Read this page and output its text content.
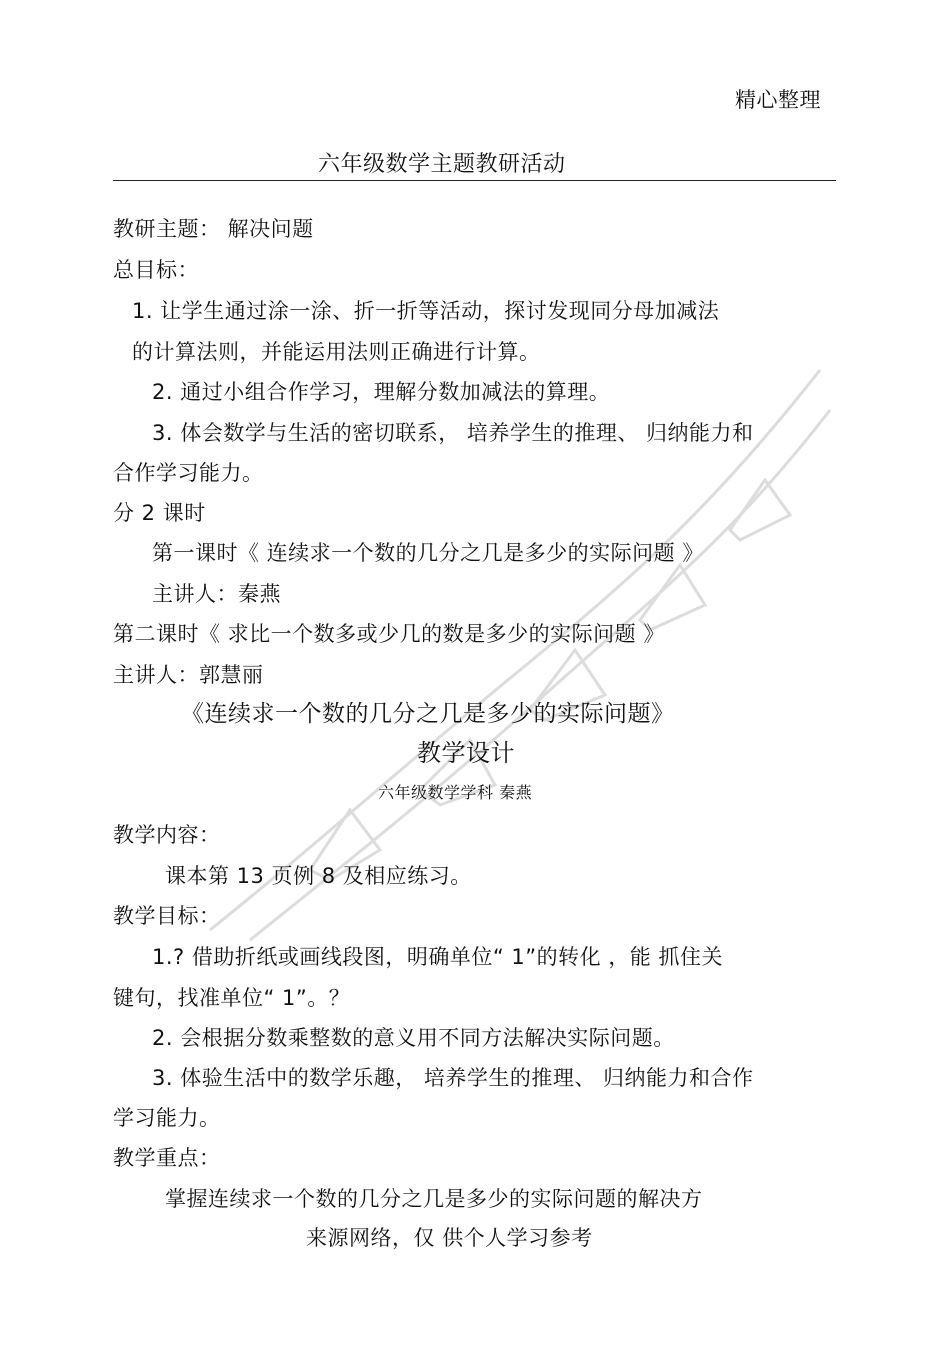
精心整理
六年级数学主题教研活动
教研主题： 解决问题
总目标：
1. 让学生通过涂一涂、折一折等活动，探讨发现同分母加减法
的计算法则，并能运用法则正确进行计算。
2. 通过小组合作学习，理解分数加减法的算理。
3. 体会数学与生活的密切联系， 培养学生的推理、 归纳能力和
合作学习能力。
分 2 课时
第一课时《 连续求一个数的几分之几是多少的实际问题 》
主讲人：秦燕
第二课时《 求比一个数多或少几的数是多少的实际问题 》
主讲人：郭慧丽
《连续求一个数的几分之几是多少的实际问题》
教学设计
六年级数学学科 秦燕
教学内容：
课本第 13 页例 8 及相应练习。
教学目标：
1.? 借助折纸或画线段图，明确单位“ 1”的转化 ，能 抓住关
键句，找准单位“ 1”。？
2. 会根据分数乘整数的意义用不同方法解决实际问题。
3. 体验生活中的数学乐趣， 培养学生的推理、 归纳能力和合作
学习能力。
教学重点：
掌握连续求一个数的几分之几是多少的实际问题的解决方
来源网络，仅 供个人学习参考
